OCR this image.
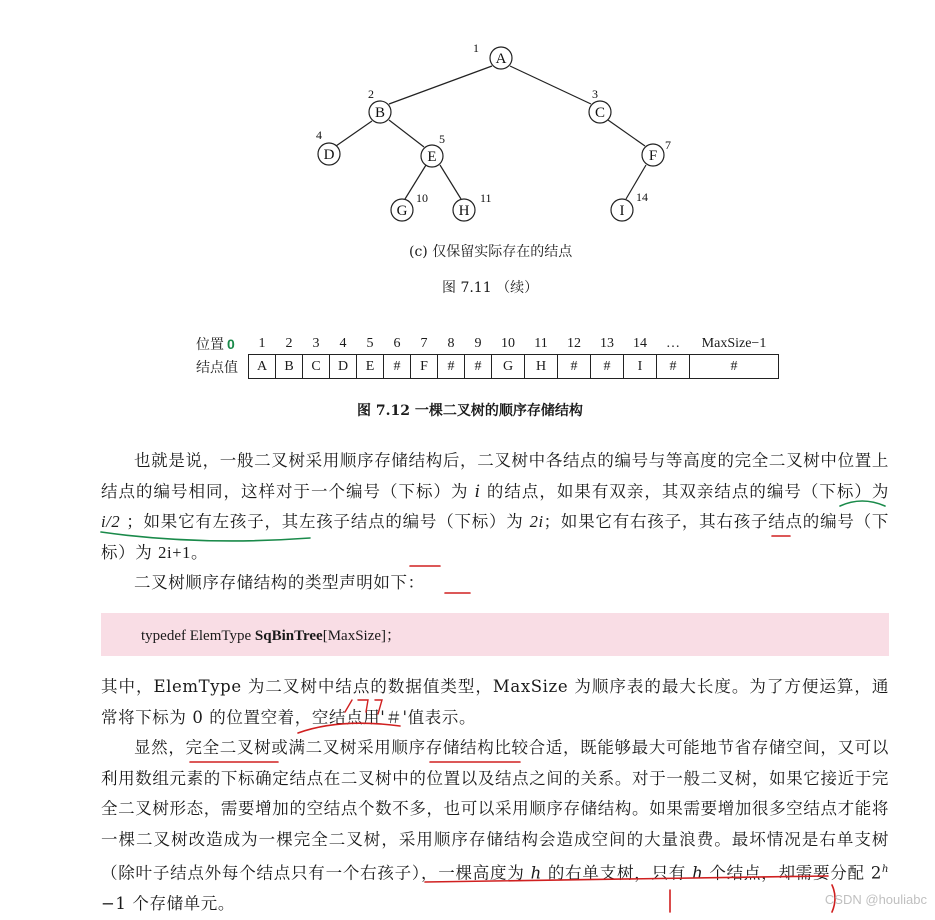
A
B	C
D	E	F
G	H	I
1
2	3
4	5	7
10	11	14
(c) 仅保留实际存在的结点
图 7.11 （续）
位置 0	1	2	3	4	5	6	7	8	9	10	11	12	13	14	…	MaxSize−1
结点值	A	B	C	D	E	#	F	#	#	G	H	#	#	I	#	#
图 7.12 一棵二叉树的顺序存储结构

也就是说，一般二叉树采用顺序存储结构后，二叉树中各结点的编号与等高度的完全二叉树中位置上结点的编号相同，这样对于一个编号（下标）为 i 的结点，如果有双亲，其双亲结点的编号（下标）为 i/2 ；如果它有左孩子，其左孩子结点的编号（下标）为 2i；如果它有右孩子，其右孩子结点的编号（下标）为 2i+1。

二叉树顺序存储结构的类型声明如下：

typedef ElemType SqBinTree[MaxSize]；

其中，ElemType 为二叉树中结点的数据值类型，MaxSize 为顺序表的最大长度。为了方便运算，通常将下标为 0 的位置空着，空结点用'＃'值表示。

显然，完全二叉树或满二叉树采用顺序存储结构比较合适，既能够最大可能地节省存储空间，又可以利用数组元素的下标确定结点在二叉树中的位置以及结点之间的关系。对于一般二叉树，如果它接近于完全二叉树形态，需要增加的空结点个数不多，也可以采用顺序存储结构。如果需要增加很多空结点才能将一棵二叉树改造成为一棵完全二叉树，采用顺序存储结构会造成空间的大量浪费。最坏情况是右单支树（除叶子结点外每个结点只有一个右孩子），一棵高度为 h 的右单支树，只有 h 个结点，却需要分配 $2^h -1$ 个存储单元。	CSDN @houliabc
